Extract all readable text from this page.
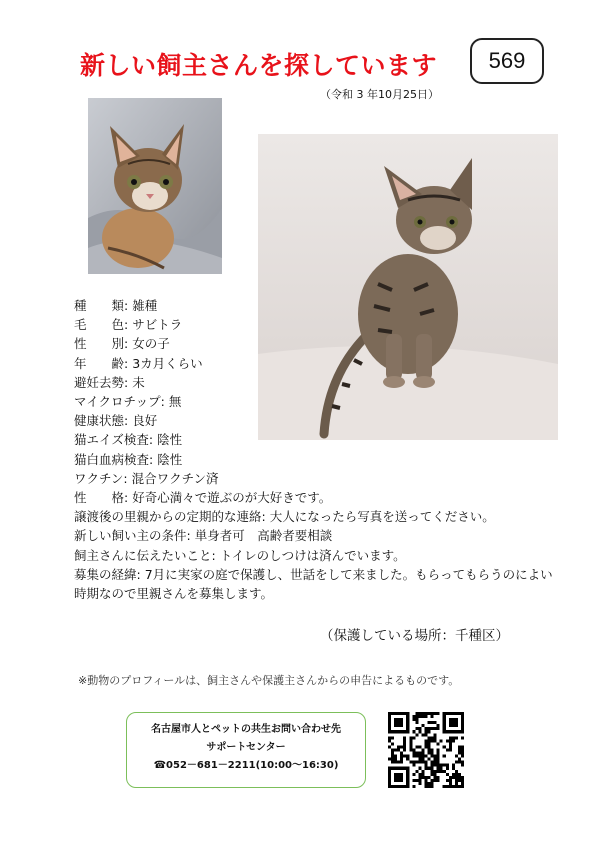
新しい飼主さんを探しています	569
（令和 3 年10月25日）
種　　類: 雑種
毛　　色: サビトラ
性　　別: 女の子
年　　齢: 3カ月くらい
避妊去勢: 未
マイクロチップ: 無
健康状態: 良好
猫エイズ検査: 陰性
猫白血病検査: 陰性
ワクチン: 混合ワクチン済
性　　格: 好奇心満々で遊ぶのが大好きです。
譲渡後の里親からの定期的な連絡: 大人になったら写真を送ってください。
新しい飼い主の条件: 単身者可　高齢者要相談
飼主さんに伝えたいこと: トイレのしつけは済んでいます。
募集の経緯: 7月に実家の庭で保護し、世話をして来ました。もらってもらうのによい時期なので里親さんを募集します。
（保護している場所：千種区）
※動物のプロフィールは、飼主さんや保護主さんからの申告によるものです。
名古屋市人とペットの共生お問い合わせ先
サポートセンター
☎052－681－2211(10:00～16:30)
